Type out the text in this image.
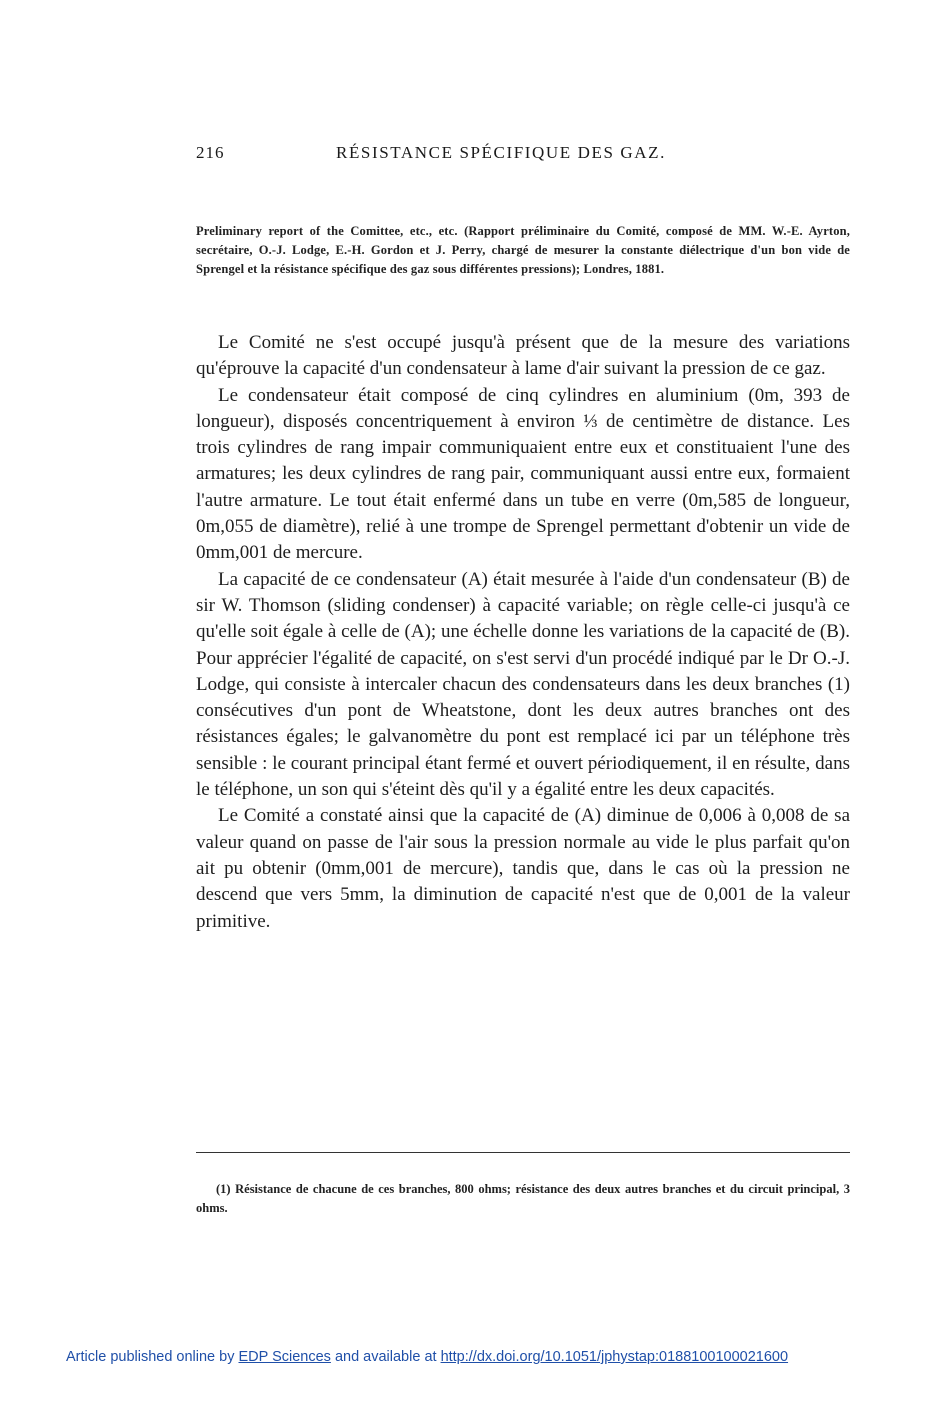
216	RÉSISTANCE SPÉCIFIQUE DES GAZ.
Preliminary report of the Comittee, etc., etc. (Rapport préliminaire du Comité, composé de MM. W.-E. Ayrton, secrétaire, O.-J. Lodge, E.-H. Gordon et J. Perry, chargé de mesurer la constante diélectrique d'un bon vide de Sprengel et la résistance spécifique des gaz sous différentes pressions); Londres, 1881.

Le Comité ne s'est occupé jusqu'à présent que de la mesure des variations qu'éprouve la capacité d'un condensateur à lame d'air suivant la pression de ce gaz.

Le condensateur était composé de cinq cylindres en aluminium (0m, 393 de longueur), disposés concentriquement à environ ⅓ de centimètre de distance. Les trois cylindres de rang impair communiquaient entre eux et constituaient l'une des armatures; les deux cylindres de rang pair, communiquant aussi entre eux, formaient l'autre armature. Le tout était enfermé dans un tube en verre (0m,585 de longueur, 0m,055 de diamètre), relié à une trompe de Sprengel permettant d'obtenir un vide de 0mm,001 de mercure.

La capacité de ce condensateur (A) était mesurée à l'aide d'un condensateur (B) de sir W. Thomson (sliding condenser) à capacité variable; on règle celle-ci jusqu'à ce qu'elle soit égale à celle de (A); une échelle donne les variations de la capacité de (B). Pour apprécier l'égalité de capacité, on s'est servi d'un procédé indiqué par le Dr O.-J. Lodge, qui consiste à intercaler chacun des condensateurs dans les deux branches (1) consécutives d'un pont de Wheatstone, dont les deux autres branches ont des résistances égales; le galvanomètre du pont est remplacé ici par un téléphone très sensible : le courant principal étant fermé et ouvert périodiquement, il en résulte, dans le téléphone, un son qui s'éteint dès qu'il y a égalité entre les deux capacités.

Le Comité a constaté ainsi que la capacité de (A) diminue de 0,006 à 0,008 de sa valeur quand on passe de l'air sous la pression normale au vide le plus parfait qu'on ait pu obtenir (0mm,001 de mercure), tandis que, dans le cas où la pression ne descend que vers 5mm, la diminution de capacité n'est que de 0,001 de la valeur primitive.

(1) Résistance de chacune de ces branches, 800 ohms; résistance des deux autres branches et du circuit principal, 3 ohms.
Article published online by EDP Sciences and available at http://dx.doi.org/10.1051/jphystap:0188100100021600
